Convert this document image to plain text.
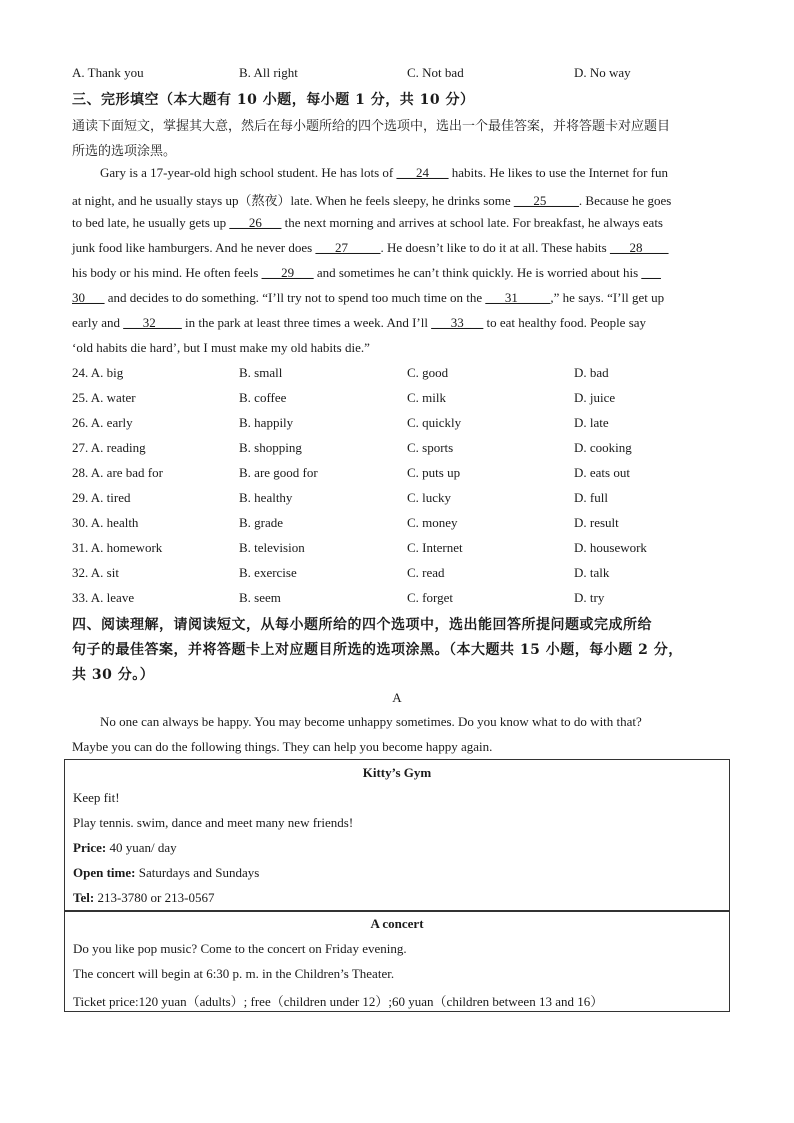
A. Thank you	B. All right	C. Not bad	D. No way
三、完形填空（本大题有 10 小题，每小题 1 分，共 10 分）
通读下面短文，掌握其大意，然后在每小题所给的四个选项中，选出一个最佳答案，并将答题卡对应题目
所选的选项涂黑。
Gary is a 17-year-old high school student. He has lots of ___24___ habits. He likes to use the Internet for fun
at night, and he usually stays up（熬夜）late. When he feels sleepy, he drinks some ___25_____. Because he goes
to bed late, he usually gets up ___26___ the next morning and arrives at school late. For breakfast, he always eats
junk food like hamburgers. And he never does ___27_____. He doesn’t like to do it at all. These habits ___28____
his body or his mind. He often feels ___29___ and sometimes he can’t think quickly. He is worried about his ___
30___ and decides to do something. “I’ll try not to spend too much time on the ___31_____,” he says. “I’ll get up
early and ___32____ in the park at least three times a week. And I’ll ___33___ to eat healthy food. People say
‘old habits die hard’, but I must make my old habits die.”
24. A. big	B. small	C. good	D. bad
25. A. water	B. coffee	C. milk	D. juice
26. A. early	B. happily	C. quickly	D. late
27. A. reading	B. shopping	C. sports	D. cooking
28. A. are bad for	B. are good for	C. puts up	D. eats out
29. A. tired	B. healthy	C. lucky	D. full
30. A. health	B. grade	C. money	D. result
31. A. homework	B. television	C. Internet	D. housework
32. A. sit	B. exercise	C. read	D. talk
33. A. leave	B. seem	C. forget	D. try
四、阅读理解，请阅读短文，从每小题所给的四个选项中，选出能回答所提问题或完成所给
句子的最佳答案，并将答题卡上对应题目所选的选项涂黑。（本大题共 15 小题，每小题 2 分，
共 30 分。）
A
No one can always be happy. You may become unhappy sometimes. Do you know what to do with that?
Maybe you can do the following things. They can help you become happy again.
Kitty’s Gym
Keep fit!
Play tennis. swim, dance and meet many new friends!
Price: 40 yuan/ day
Open time: Saturdays and Sundays
Tel: 213-3780 or 213-0567
A concert
Do you like pop music? Come to the concert on Friday evening.
The concert will begin at 6:30 p. m. in the Children’s Theater.
Ticket price:120 yuan（adults）; free（children under 12）;60 yuan（children between 13 and 16）
